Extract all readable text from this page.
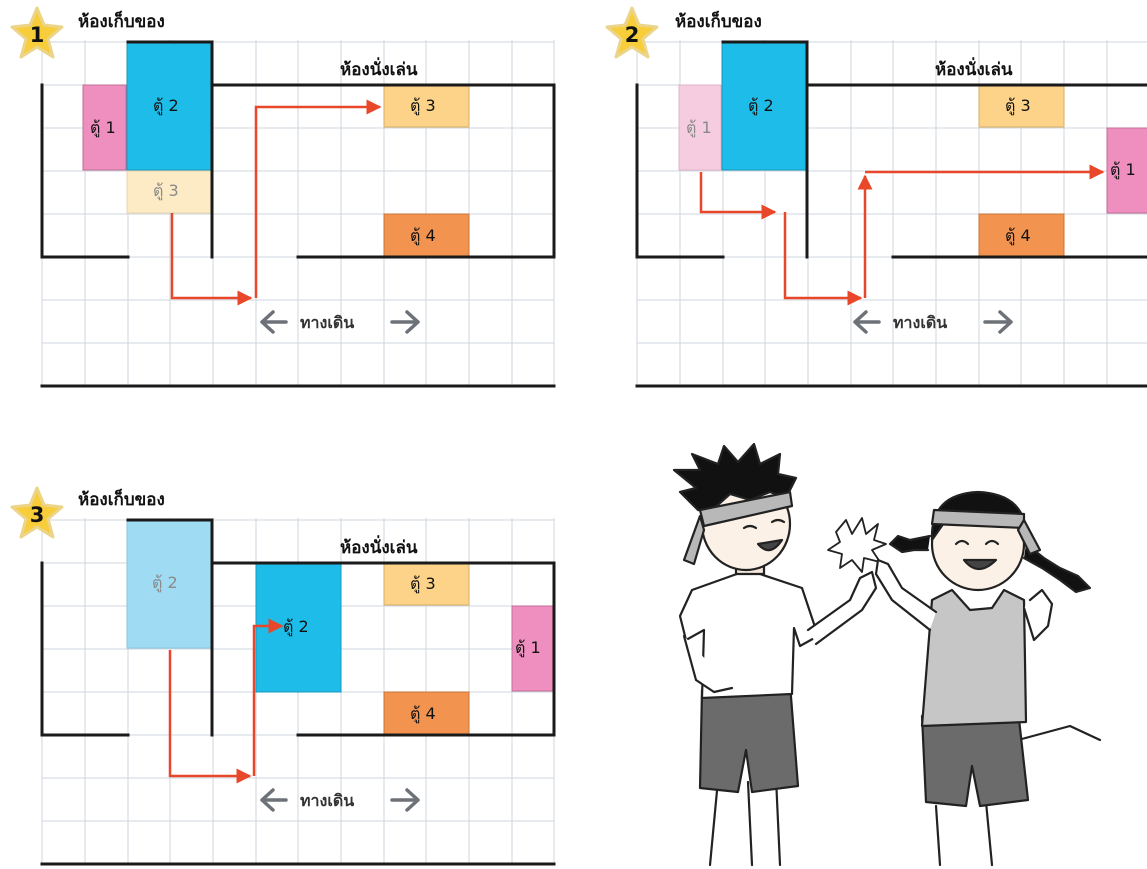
ห้องเก็บของ
ห้องนั่งเล่น
ตู้ 1
ตู้ 2
ตู้ 3
ตู้ 3
ตู้ 4
ทางเดิน
1
ห้องเก็บของ
ห้องนั่งเล่น
ตู้ 1
ตู้ 2	ตู้ 3
ตู้ 1
ตู้ 4
ทางเดิน
2
ห้องเก็บของ
ห้องนั่งเล่น
ตู้ 2
ตู้ 2
ตู้ 3
ตู้ 1
ตู้ 4
ทางเดิน
3
